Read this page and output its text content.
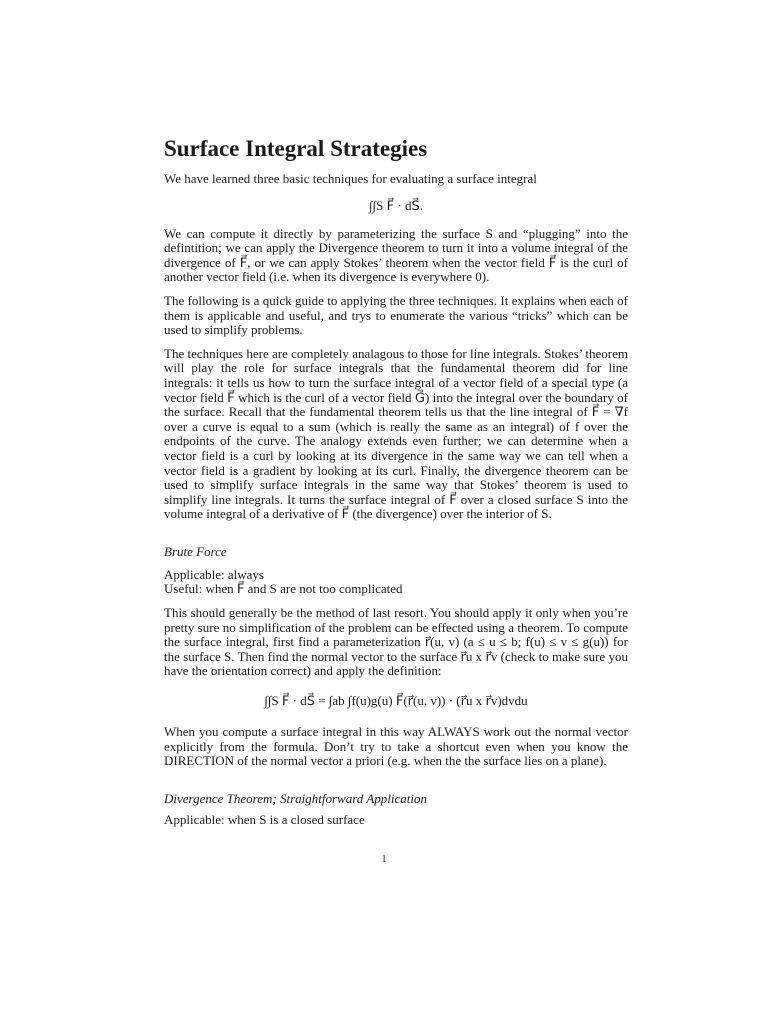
Surface Integral Strategies

We have learned three basic techniques for evaluating a surface integral

∫∫S F⃗ · dS⃗.

We can compute it directly by parameterizing the surface S and “plugging” into the defintition; we can apply the Divergence theorem to turn it into a volume integral of the divergence of F⃗, or we can apply Stokes’ theorem when the vector field F⃗ is the curl of another vector field (i.e. when its divergence is everywhere 0).

The following is a quick guide to applying the three techniques. It explains when each of them is applicable and useful, and trys to enumerate the various “tricks” which can be used to simplify problems.

The techniques here are completely analagous to those for line integrals. Stokes’ theorem will play the role for surface integrals that the fundamental theorem did for line integrals: it tells us how to turn the surface integral of a vector field of a special type (a vector field F⃗ which is the curl of a vector field G⃗) into the integral over the boundary of the surface. Recall that the fundamental theorem tells us that the line integral of F⃗ = ∇f over a curve is equal to a sum (which is really the same as an integral) of f over the endpoints of the curve. The analogy extends even further; we can determine when a vector field is a curl by looking at its divergence in the same way we can tell when a vector field is a gradient by looking at its curl. Finally, the divergence theorem can be used to simplify surface integrals in the same way that Stokes’ theorem is used to simplify line integrals. It turns the surface integral of F⃗ over a closed surface S into the volume integral of a derivative of F⃗ (the divergence) over the interior of S.

Brute Force

Applicable: always

Useful: when F⃗ and S are not too complicated

This should generally be the method of last resort. You should apply it only when you’re pretty sure no simplification of the problem can be effected using a theorem. To compute the surface integral, first find a parameterization r⃗(u, v) (a ≤ u ≤ b; f(u) ≤ v ≤ g(u)) for the surface S. Then find the normal vector to the surface r⃗u x r⃗v (check to make sure you have the orientation correct) and apply the definition:

∫∫S F⃗ · dS⃗ = ∫ab ∫f(u)g(u) F⃗(r⃗(u, v)) · (r⃗u x r⃗v)dvdu

When you compute a surface integral in this way ALWAYS work out the normal vector explicitly from the formula. Don’t try to take a shortcut even when you know the DIRECTION of the normal vector a priori (e.g. when the the surface lies on a plane).

Divergence Theorem; Straightforward Application

Applicable: when S is a closed surface

1
